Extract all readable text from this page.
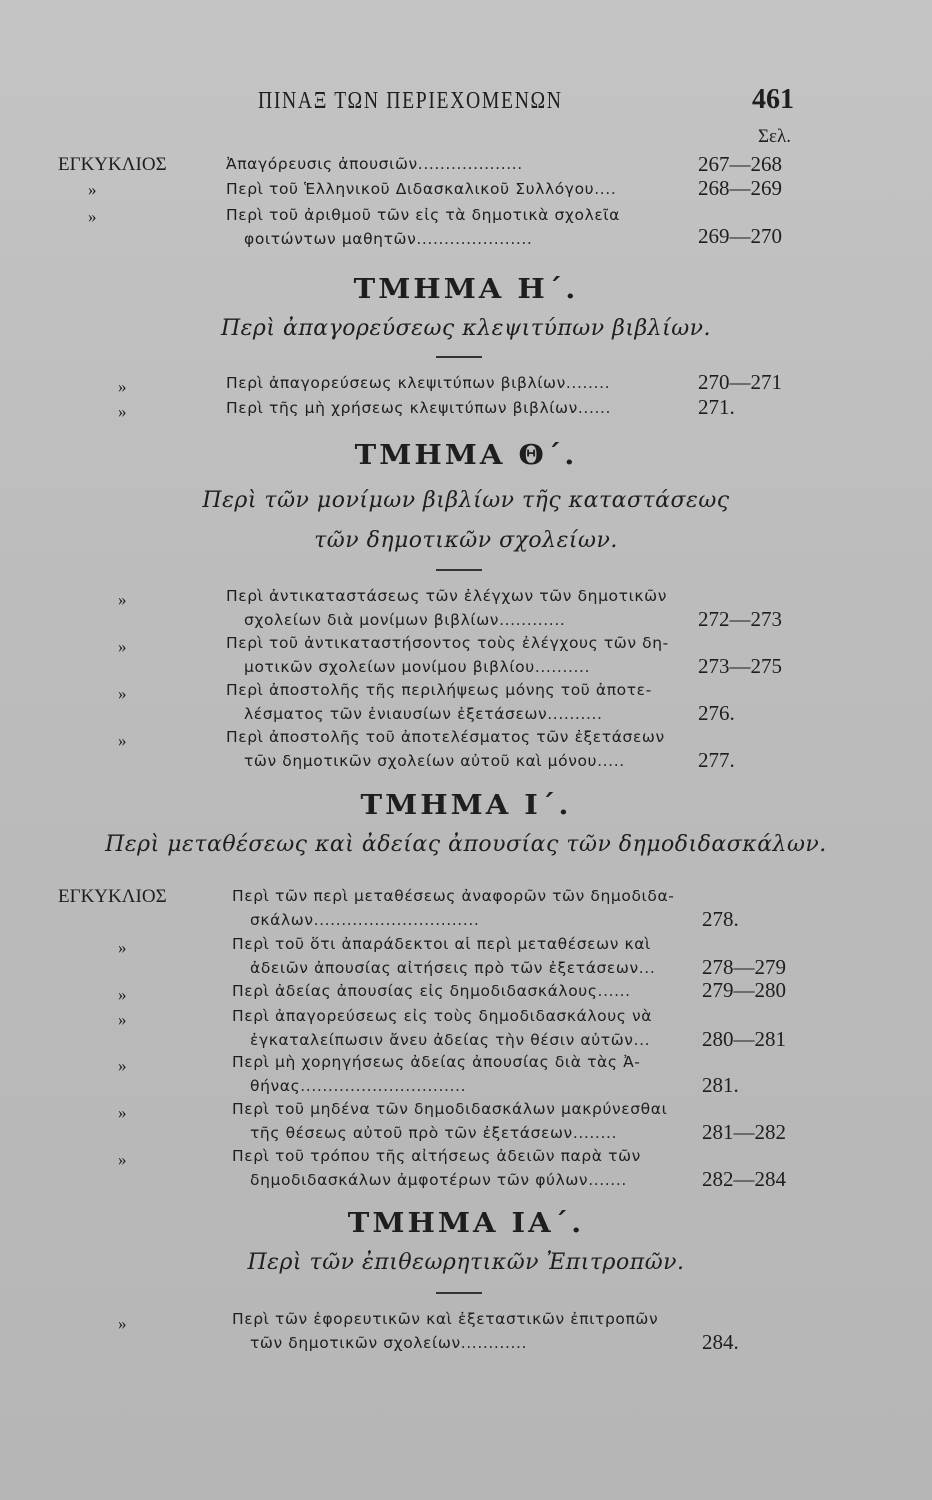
ΠΙΝΑΞ ΤΩΝ ΠΕΡΙΕΧΟΜΕΝΩΝ	461
Σελ.
ΕΓΚΥΚΛΙΟΣ	Ἀπαγόρευσις ἀπουσιῶν...................	267—268
»	Περὶ τοῦ Ἑλληνικοῦ Διδασκαλικοῦ Συλλόγου....	268—269
»	Περὶ τοῦ ἀριθμοῦ τῶν εἰς τὰ δημοτικὰ σχολεῖα
φοιτώντων μαθητῶν.....................	269—270
ΤΜΗΜΑ Η΄.
Περὶ ἀπαγορεύσεως κλεψιτύπων βιβλίων.
»	Περὶ ἀπαγορεύσεως κλεψιτύπων βιβλίων........	270—271
»	Περὶ τῆς μὴ χρήσεως κλεψιτύπων βιβλίων......	271.
ΤΜΗΜΑ Θ΄.
Περὶ τῶν μονίμων βιβλίων τῆς καταστάσεως
τῶν δημοτικῶν σχολείων.
»	Περὶ ἀντικαταστάσεως τῶν ἐλέγχων τῶν δημοτικῶν
σχολείων διὰ μονίμων βιβλίων............	272—273
»	Περὶ τοῦ ἀντικαταστήσοντος τοὺς ἐλέγχους τῶν δη-
μοτικῶν σχολείων μονίμου βιβλίου..........	273—275
»	Περὶ ἀποστολῆς τῆς περιλήψεως μόνης τοῦ ἀποτε-
λέσματος τῶν ἐνιαυσίων ἐξετάσεων..........	276.
»	Περὶ ἀποστολῆς τοῦ ἀποτελέσματος τῶν ἐξετάσεων
τῶν δημοτικῶν σχολείων αὐτοῦ καὶ μόνου.....	277.
ΤΜΗΜΑ Ι΄.
Περὶ μεταθέσεως καὶ ἀδείας ἀπουσίας τῶν δημοδιδασκάλων.
ΕΓΚΥΚΛΙΟΣ	Περὶ τῶν περὶ μεταθέσεως ἀναφορῶν τῶν δημοδιδα-
σκάλων..............................	278.
»	Περὶ τοῦ ὅτι ἀπαράδεκτοι αἱ περὶ μεταθέσεων καὶ
ἀδειῶν ἀπουσίας αἰτήσεις πρὸ τῶν ἐξετάσεων... 278—279
»	Περὶ ἀδείας ἀπουσίας εἰς δημοδιδασκάλους......	279—280
»	Περὶ ἀπαγορεύσεως εἰς τοὺς δημοδιδασκάλους νὰ
ἐγκαταλείπωσιν ἄνευ ἀδείας τὴν θέσιν αὐτῶν... 280—281
»	Περὶ μὴ χορηγήσεως ἀδείας ἀπουσίας διὰ τὰς Ἀ-
θήνας..............................	281.
»	Περὶ τοῦ μηδένα τῶν δημοδιδασκάλων μακρύνεσθαι
τῆς θέσεως αὐτοῦ πρὸ τῶν ἐξετάσεων........	281—282
»	Περὶ τοῦ τρόπου τῆς αἰτήσεως ἀδειῶν παρὰ τῶν
δημοδιδασκάλων ἀμφοτέρων τῶν φύλων.......	282—284
ΤΜΗΜΑ ΙΑ΄.
Περὶ τῶν ἐπιθεωρητικῶν Ἐπιτροπῶν.
»	Περὶ τῶν ἐφορευτικῶν καὶ ἐξεταστικῶν ἐπιτροπῶν
τῶν δημοτικῶν σχολείων............	284.
